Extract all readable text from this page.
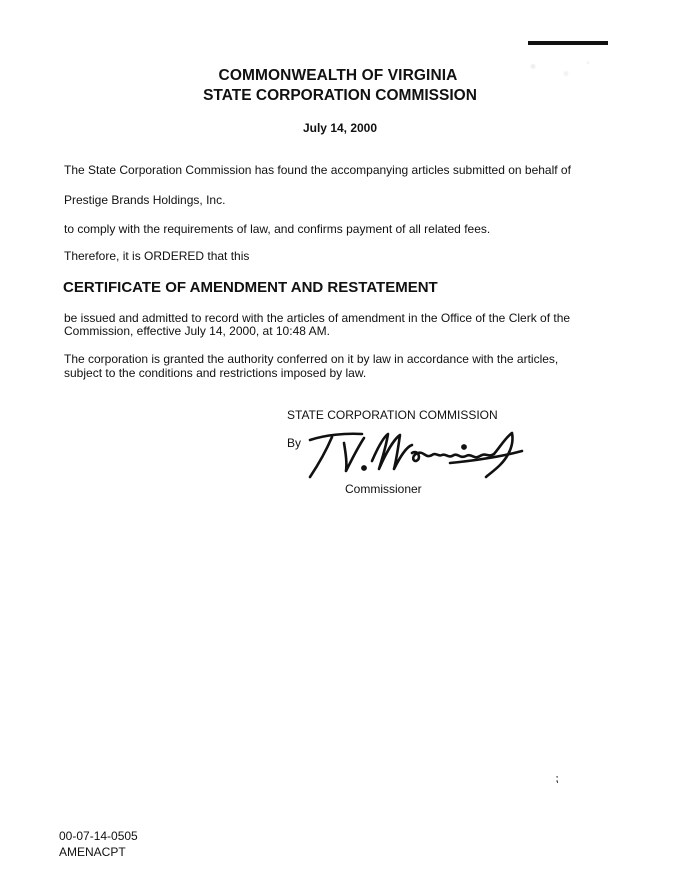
COMMONWEALTH OF VIRGINIA
STATE CORPORATION COMMISSION
July 14, 2000
The State Corporation Commission has found the accompanying articles submitted on behalf of
Prestige Brands Holdings, Inc.
to comply with the requirements of law, and confirms payment of all related fees.
Therefore, it is ORDERED that this
CERTIFICATE OF AMENDMENT AND RESTATEMENT
be issued and admitted to record with the articles of amendment in the Office of the Clerk of the
Commission, effective July 14, 2000, at 10:48 AM.
The corporation is granted the authority conferred on it by law in accordance with the articles,
subject to the conditions and restrictions imposed by law.
STATE CORPORATION COMMISSION
By
Commissioner
⁏
00-07-14-0505
AMENACPT
